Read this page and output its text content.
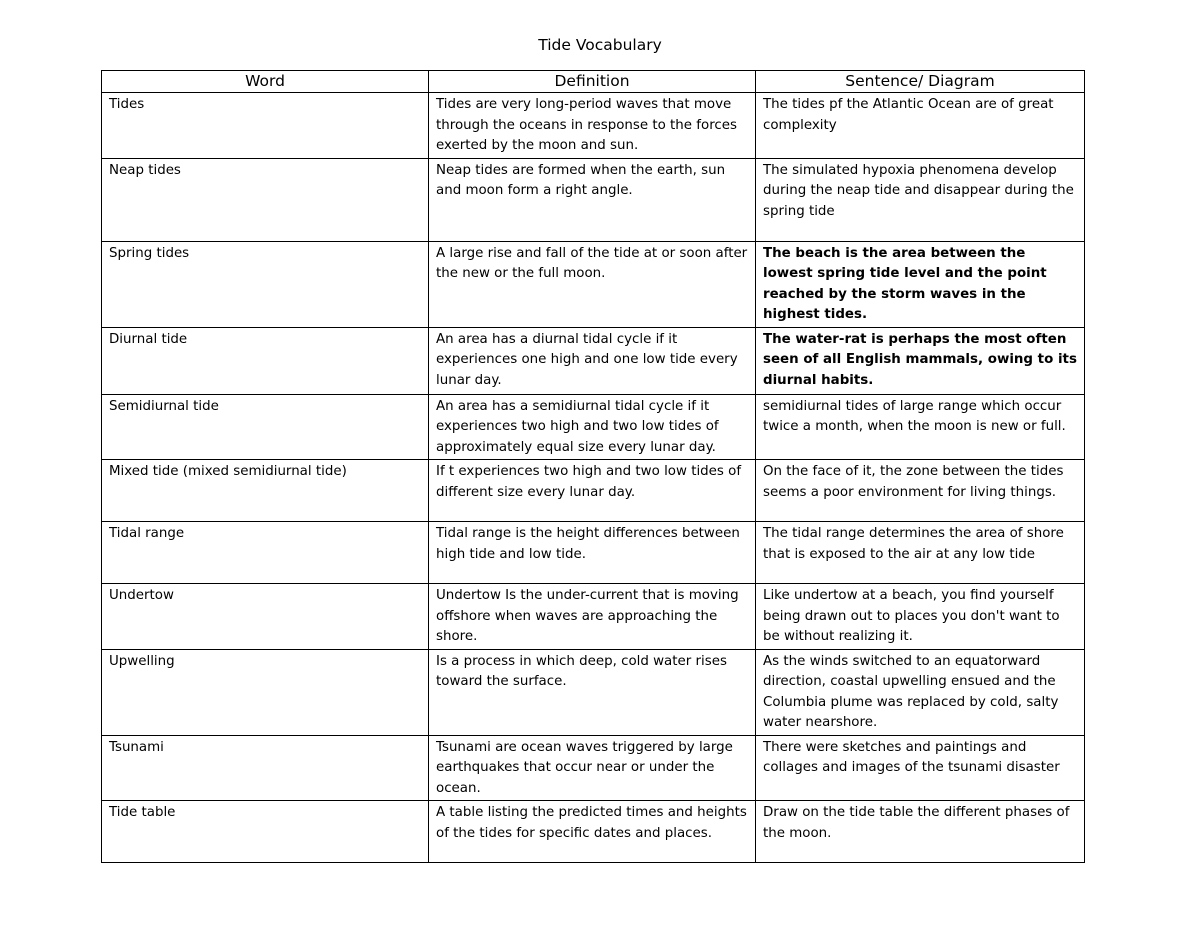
Tide Vocabulary
Word	Definition	Sentence/ Diagram
Tides	Tides are very long-period waves that move through the oceans in response to the forces exerted by the moon and sun.	The tides pf the Atlantic Ocean are of great complexity
Neap tides	Neap tides are formed when the earth, sun and moon form a right angle.	The simulated hypoxia phenomena develop during the neap tide and disappear during the spring tide
Spring tides	A large rise and fall of the tide at or soon after the new or the full moon.	The beach is the area between the lowest spring tide level and the point reached by the storm waves in the highest tides.
Diurnal tide	An area has a diurnal tidal cycle if it experiences one high and one low tide every lunar day.	The water-rat is perhaps the most often seen of all English mammals, owing to its diurnal habits.
Semidiurnal tide	An area has a semidiurnal tidal cycle if it experiences two high and two low tides of approximately equal size every lunar day.	semidiurnal tides of large range which occur twice a month, when the moon is new or full.
Mixed tide (mixed semidiurnal tide)	If t experiences two high and two low tides of different size every lunar day.	On the face of it, the zone between the tides seems a poor environment for living things.
Tidal range	Tidal range is the height differences between high tide and low tide.	The tidal range determines the area of shore that is exposed to the air at any low tide
Undertow	Undertow Is the under-current that is moving offshore when waves are approaching the shore.	Like undertow at a beach, you find yourself being drawn out to places you don't want to be without realizing it.
Upwelling	Is a process in which deep, cold water rises toward the surface.	As the winds switched to an equatorward direction, coastal upwelling ensued and the Columbia plume was replaced by cold, salty water nearshore.
Tsunami	Tsunami are ocean waves triggered by large earthquakes that occur near or under the ocean.	There were sketches and paintings and collages and images of the tsunami disaster
Tide table	A table listing the predicted times and heights of the tides for specific dates and places.	Draw on the tide table the different phases of the moon.
